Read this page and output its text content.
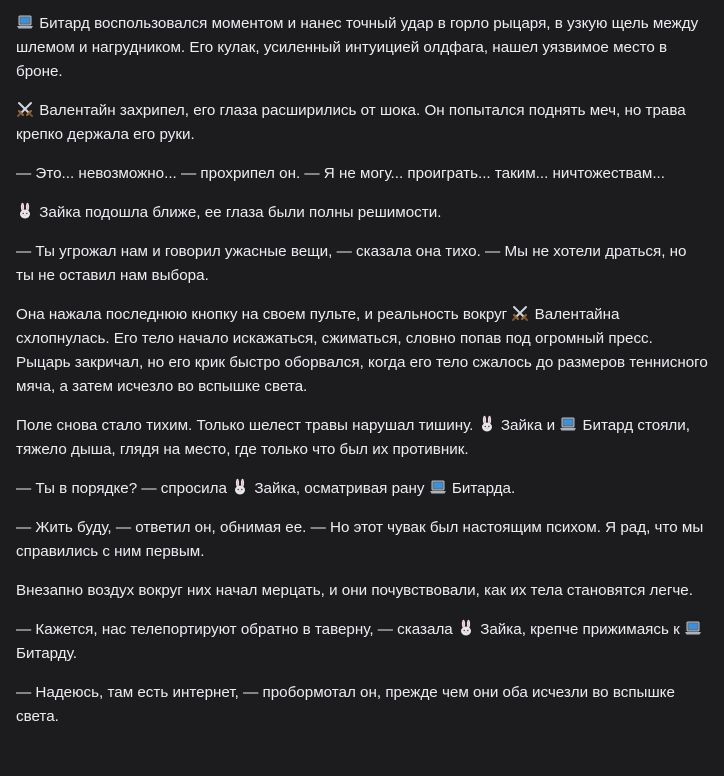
Битард воспользовался моментом и нанес точный удар в горло рыцаря, в узкую щель между шлемом и нагрудником. Его кулак, усиленный интуицией олдфага, нашел уязвимое место в броне.

Валентайн захрипел, его глаза расширились от шока. Он попытался поднять меч, но трава крепко держала его руки.

— Это... невозможно... — прохрипел он. — Я не могу... проиграть... таким... ничтожествам...

Зайка подошла ближе, ее глаза были полны решимости.

— Ты угрожал нам и говорил ужасные вещи, — сказала она тихо. — Мы не хотели драться, но ты не оставил нам выбора.

Она нажала последнюю кнопку на своем пульте, и реальность вокруг
Валентайна схлопнулась. Его тело начало искажаться, сжиматься, словно попав под огромный пресс. Рыцарь закричал, но его крик быстро оборвался, когда его тело сжалось до размеров теннисного мяча, а затем исчезло во вспышке света.

Поле снова стало тихим. Только шелест травы нарушал тишину.
Зайка и
Битард стояли, тяжело дыша, глядя на место, где только что был их противник.

— Ты в порядке? — спросила
Зайка, осматривая рану
Битарда.

— Жить буду, — ответил он, обнимая ее. — Но этот чувак был настоящим психом. Я рад, что мы справились с ним первым.

Внезапно воздух вокруг них начал мерцать, и они почувствовали, как их тела становятся легче.

— Кажется, нас телепортируют обратно в таверну, — сказала
Зайка, крепче прижимаясь к
Битарду.

— Надеюсь, там есть интернет, — пробормотал он, прежде чем они оба исчезли во вспышке света.
